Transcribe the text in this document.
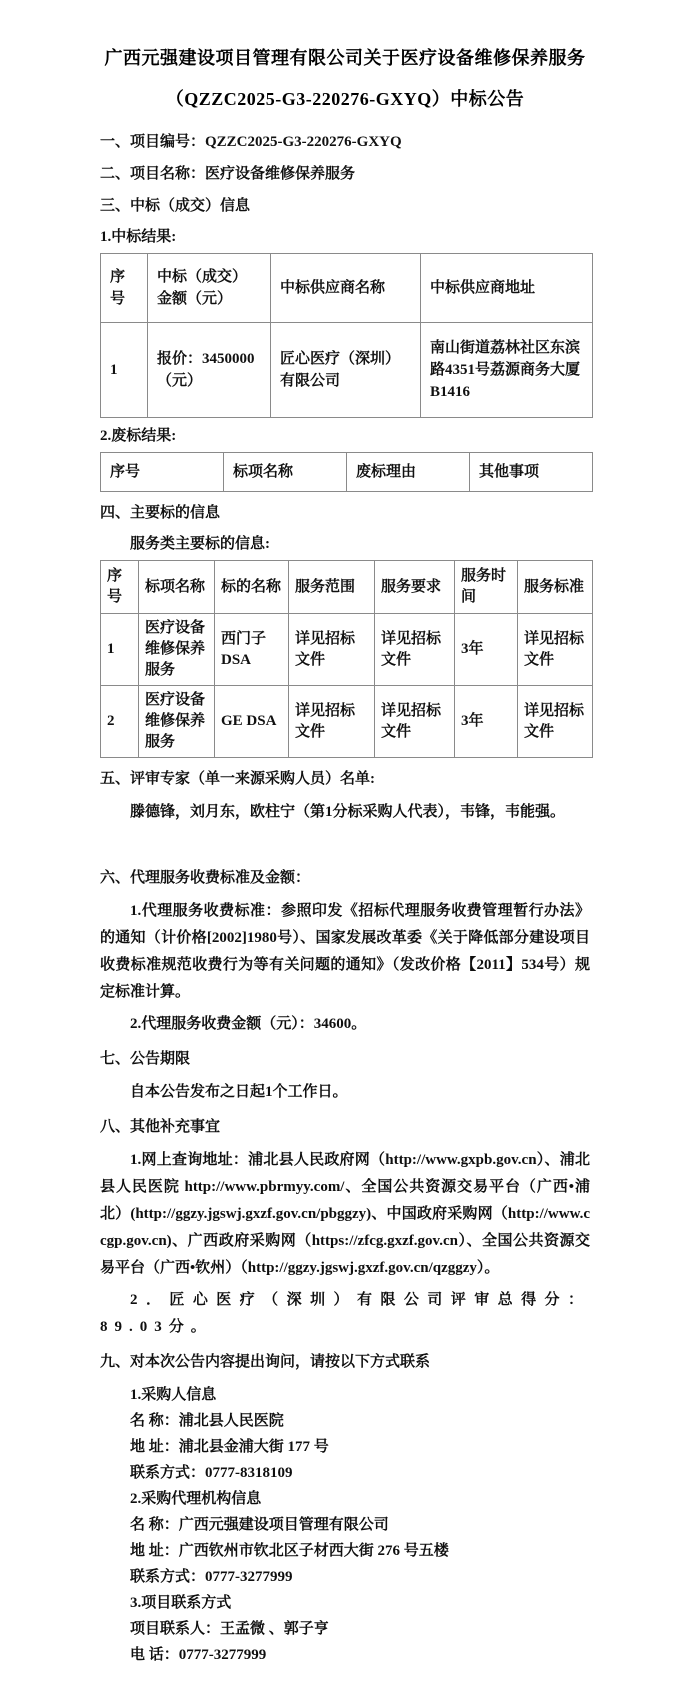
广西元强建设项目管理有限公司关于医疗设备维修保养服务
（QZZC2025-G3-220276-GXYQ）中标公告
一、项目编号：QZZC2025-G3-220276-GXYQ
二、项目名称：医疗设备维修保养服务
三、中标（成交）信息
1.中标结果:
序号	中标（成交）金额（元）	中标供应商名称	中标供应商地址
1	报价：3450000（元）	匠心医疗（深圳）有限公司	南山街道荔林社区东滨路4351号荔源商务大厦B1416
2.废标结果:
序号	标项名称	废标理由	其他事项
四、主要标的信息
服务类主要标的信息:
序号	标项名称	标的名称	服务范围	服务要求	服务时间	服务标准
1	医疗设备维修保养服务	西门子DSA	详见招标文件	详见招标文件	3年	详见招标文件
2	医疗设备维修保养服务	GE DSA	详见招标文件	详见招标文件	3年	详见招标文件
五、评审专家（单一来源采购人员）名单:

滕德锋，刘月东，欧柱宁（第1分标采购人代表），韦锋，韦能强。

六、代理服务收费标准及金额：

1.代理服务收费标准：参照印发《招标代理服务收费管理暂行办法》的通知（计价格[2002]1980号）、国家发展改革委《关于降低部分建设项目收费标准规范收费行为等有关问题的通知》（发改价格【2011】534号）规定标准计算。

2.代理服务收费金额（元）：34600。

七、公告期限

自本公告发布之日起1个工作日。

八、其他补充事宜

1.网上查询地址：浦北县人民政府网（http://www.gxpb.gov.cn）、浦北县人民医院 http://www.pbrmyy.com/、全国公共资源交易平台（广西•浦北）(http://ggzy.jgswj.gxzf.gov.cn/pbggzy)、中国政府采购网（http://www.ccgp.gov.cn)、广西政府采购网（https://zfcg.gxzf.gov.cn）、全国公共资源交易平台（广西•钦州）（http://ggzy.jgswj.gxzf.gov.cn/qzggzy）。

2．匠心医疗（深圳）有限公司评审总得分：89.03分。

九、对本次公告内容提出询问，请按以下方式联系

1.采购人信息

名 称：浦北县人民医院

地 址：浦北县金浦大街 177 号

联系方式：0777-8318109

2.采购代理机构信息

名 称：广西元强建设项目管理有限公司

地 址：广西钦州市钦北区子材西大街 276 号五楼

联系方式：0777-3277999

3.项目联系方式

项目联系人：王孟微 、郭子亨

电 话：0777-3277999
